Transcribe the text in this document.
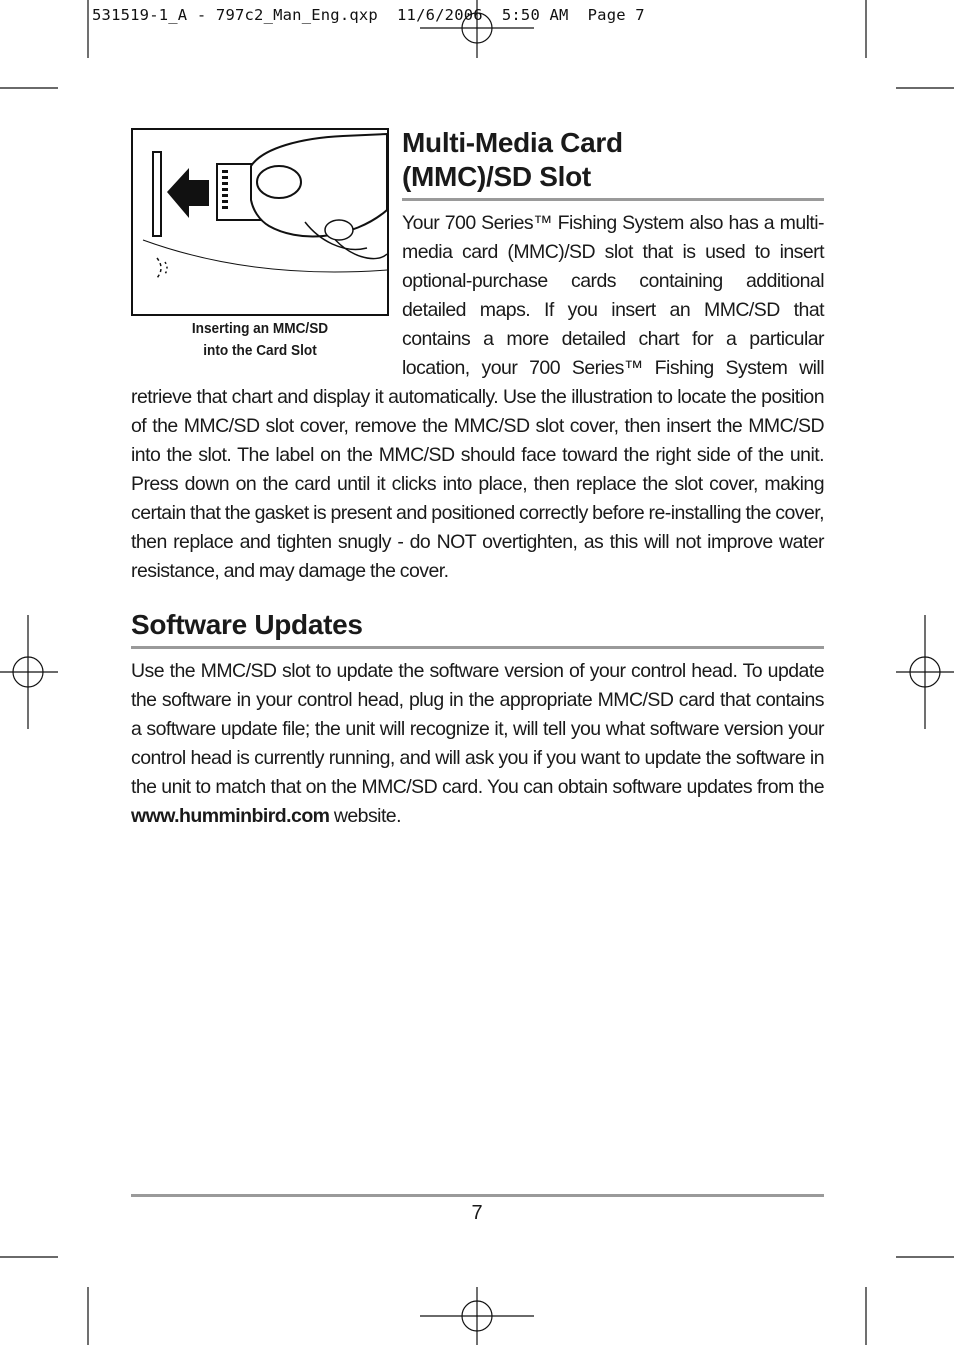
531519-1_A - 797c2_Man_Eng.qxp  11/6/2006  5:50 AM  Page 7
Inserting an MMC/SD
into the Card Slot
Multi-Media Card
(MMC)/SD Slot

Your 700 Series™ Fishing System also has a multi-media card (MMC)/SD slot that is used to insert optional-purchase cards containing additional detailed maps. If you insert an MMC/SD that contains a more detailed chart for a particular location, your 700 Series™ Fishing System will retrieve that chart and display it automatically. Use the illustration to locate the position of the MMC/SD slot cover, remove the MMC/SD slot cover, then insert the MMC/SD into the slot. The label on the MMC/SD should face toward the right side of the unit. Press down on the card until it clicks into place, then replace the slot cover, making certain that the gasket is present and positioned correctly before re-installing the cover, then replace and tighten snugly - do NOT overtighten, as this will not improve water resistance, and may damage the cover.

Software Updates

Use the MMC/SD slot to update the software version of your control head. To update the software in your control head, plug in the appropriate MMC/SD card that contains a software update file; the unit will recognize it, will tell you what software version your control head is currently running, and will ask you if you want to update the software in the unit to match that on the MMC/SD card. You can obtain software updates from the www.humminbird.com website.

7
